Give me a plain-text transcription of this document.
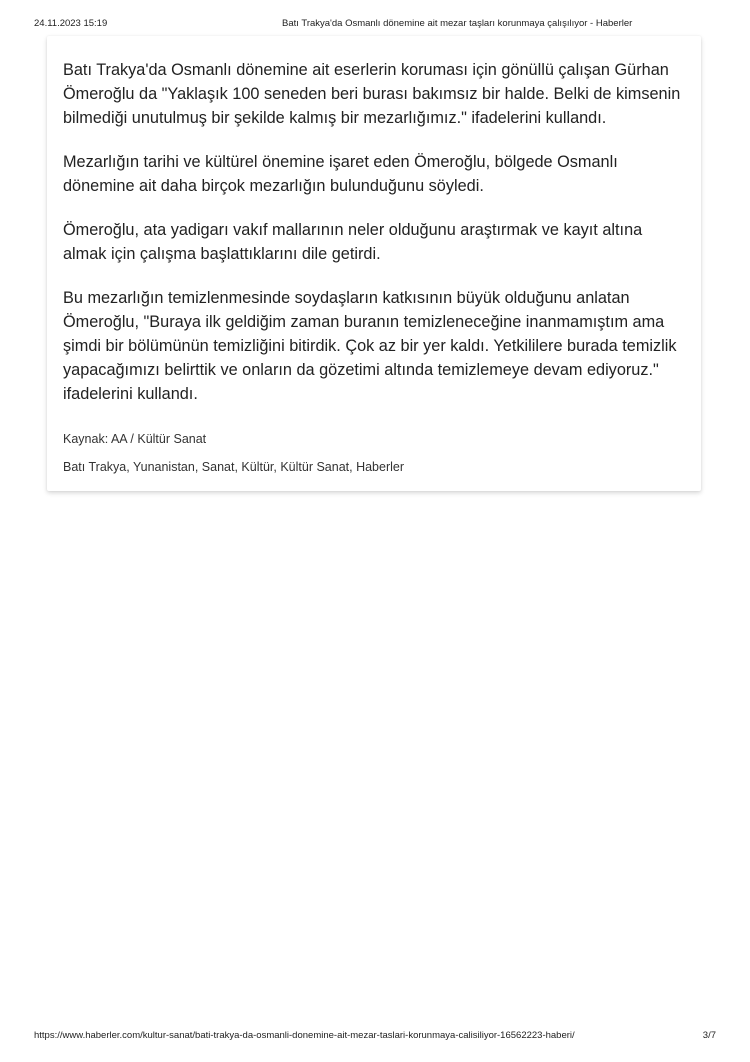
24.11.2023 15:19	Batı Trakya'da Osmanlı dönemine ait mezar taşları korunmaya çalışılıyor - Haberler

Batı Trakya'da Osmanlı dönemine ait eserlerin koruması için gönüllü çalışan Gürhan Ömeroğlu da "Yaklaşık 100 seneden beri burası bakımsız bir halde. Belki de kimsenin bilmediği unutulmuş bir şekilde kalmış bir mezarlığımız." ifadelerini kullandı.

Mezarlığın tarihi ve kültürel önemine işaret eden Ömeroğlu, bölgede Osmanlı dönemine ait daha birçok mezarlığın bulunduğunu söyledi.

Ömeroğlu, ata yadigarı vakıf mallarının neler olduğunu araştırmak ve kayıt altına almak için çalışma başlattıklarını dile getirdi.

Bu mezarlığın temizlenmesinde soydaşların katkısının büyük olduğunu anlatan Ömeroğlu, "Buraya ilk geldiğim zaman buranın temizleneceğine inanmamıştım ama şimdi bir bölümünün temizliğini bitirdik. Çok az bir yer kaldı. Yetkililere burada temizlik yapacağımızı belirttik ve onların da gözetimi altında temizlemeye devam ediyoruz." ifadelerini kullandı.

Kaynak: AA / Kültür Sanat
Batı Trakya, Yunanistan, Sanat, Kültür, Kültür Sanat, Haberler
https://www.haberler.com/kultur-sanat/bati-trakya-da-osmanli-donemine-ait-mezar-taslari-korunmaya-calisiliyor-16562223-haberi/	3/7
